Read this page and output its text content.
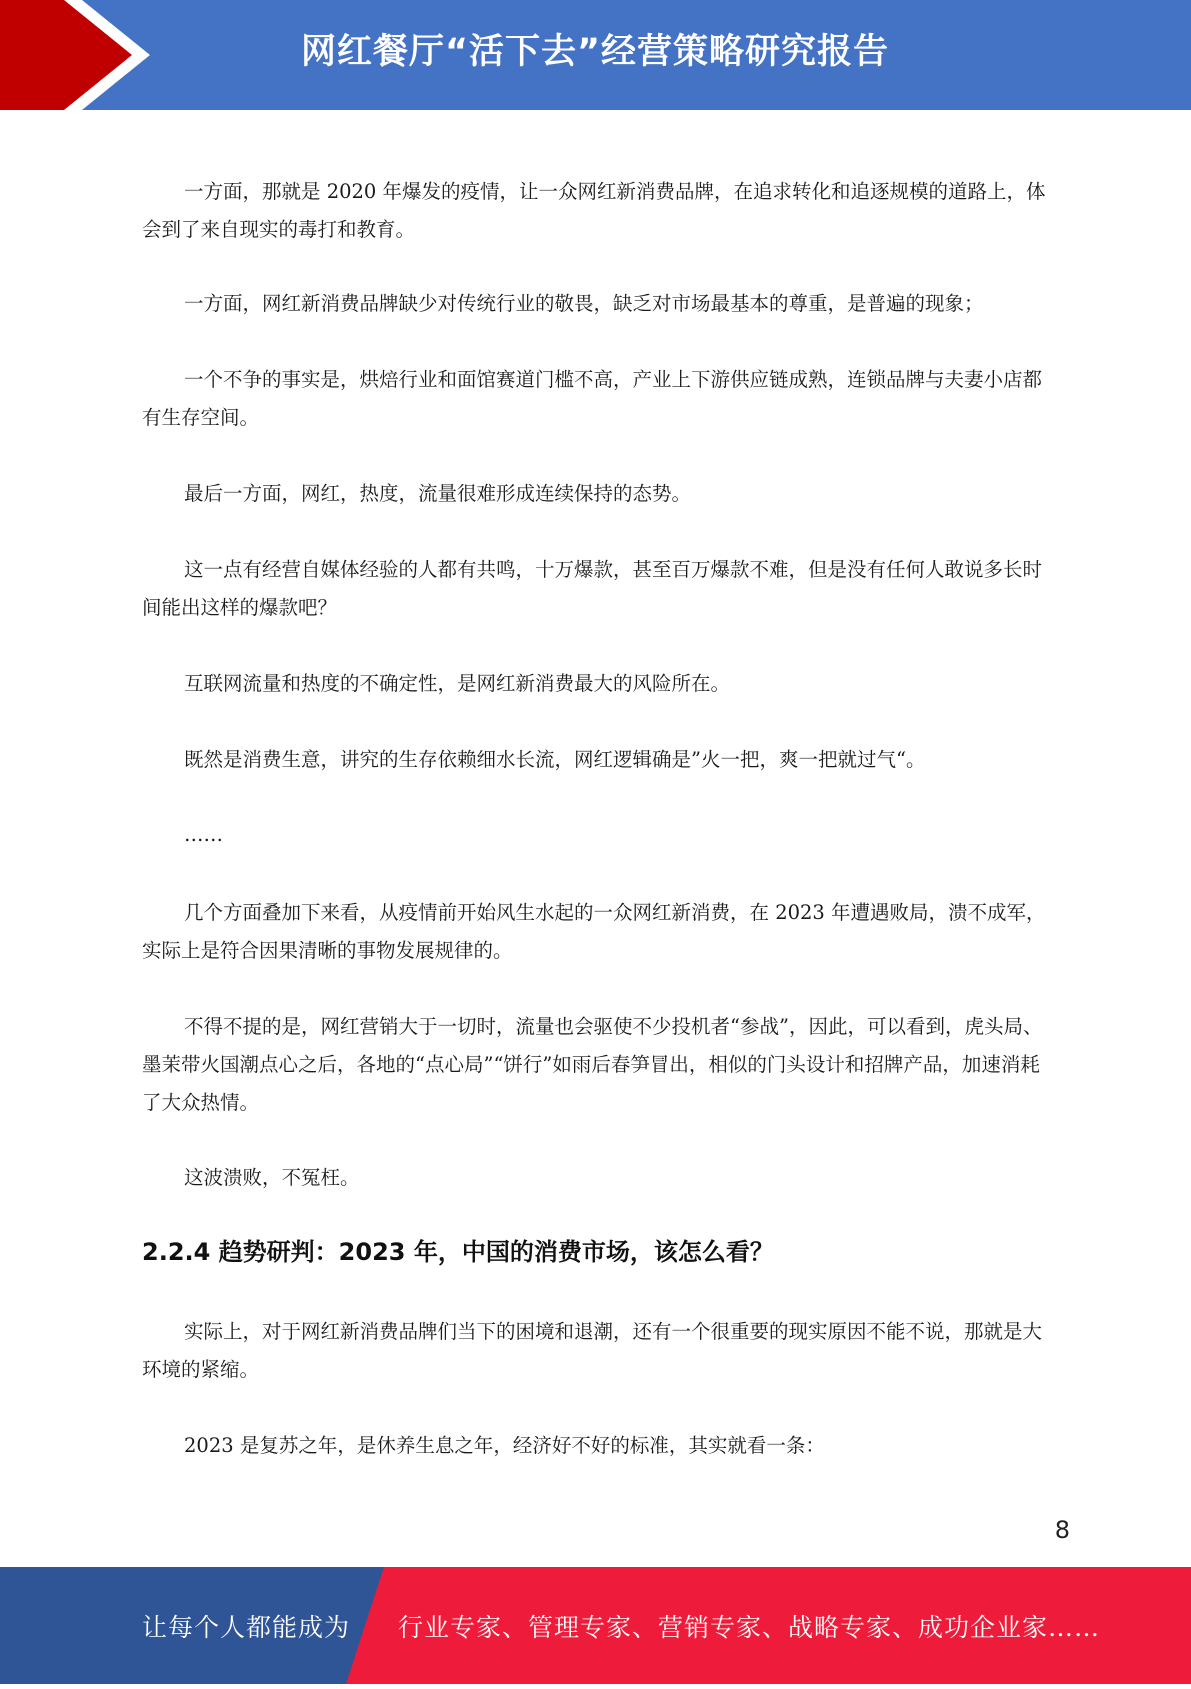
网红餐厅“活下去”经营策略研究报告

一方面，那就是 2020 年爆发的疫情，让一众网红新消费品牌，在追求转化和追逐规模的道路上，体会到了来自现实的毒打和教育。

一方面，网红新消费品牌缺少对传统行业的敬畏，缺乏对市场最基本的尊重，是普遍的现象；

一个不争的事实是，烘焙行业和面馆赛道门槛不高，产业上下游供应链成熟，连锁品牌与夫妻小店都有生存空间。

最后一方面，网红，热度，流量很难形成连续保持的态势。

这一点有经营自媒体经验的人都有共鸣，十万爆款，甚至百万爆款不难，但是没有任何人敢说多长时间能出这样的爆款吧？

互联网流量和热度的不确定性，是网红新消费最大的风险所在。

既然是消费生意，讲究的生存依赖细水长流，网红逻辑确是”火一把，爽一把就过气“。

……

几个方面叠加下来看，从疫情前开始风生水起的一众网红新消费，在 2023 年遭遇败局，溃不成军，实际上是符合因果清晰的事物发展规律的。

不得不提的是，网红营销大于一切时，流量也会驱使不少投机者“参战”，因此，可以看到，虎头局、墨茉带火国潮点心之后，各地的“点心局”“饼行”如雨后春笋冒出，相似的门头设计和招牌产品，加速消耗了大众热情。

这波溃败，不冤枉。

2.2.4 趋势研判：2023 年，中国的消费市场，该怎么看？

实际上，对于网红新消费品牌们当下的困境和退潮，还有一个很重要的现实原因不能不说，那就是大环境的紧缩。

2023 是复苏之年，是休养生息之年，经济好不好的标准，其实就看一条：

8
让每个人都能成为 行业专家、管理专家、营销专家、战略专家、成功企业家……
